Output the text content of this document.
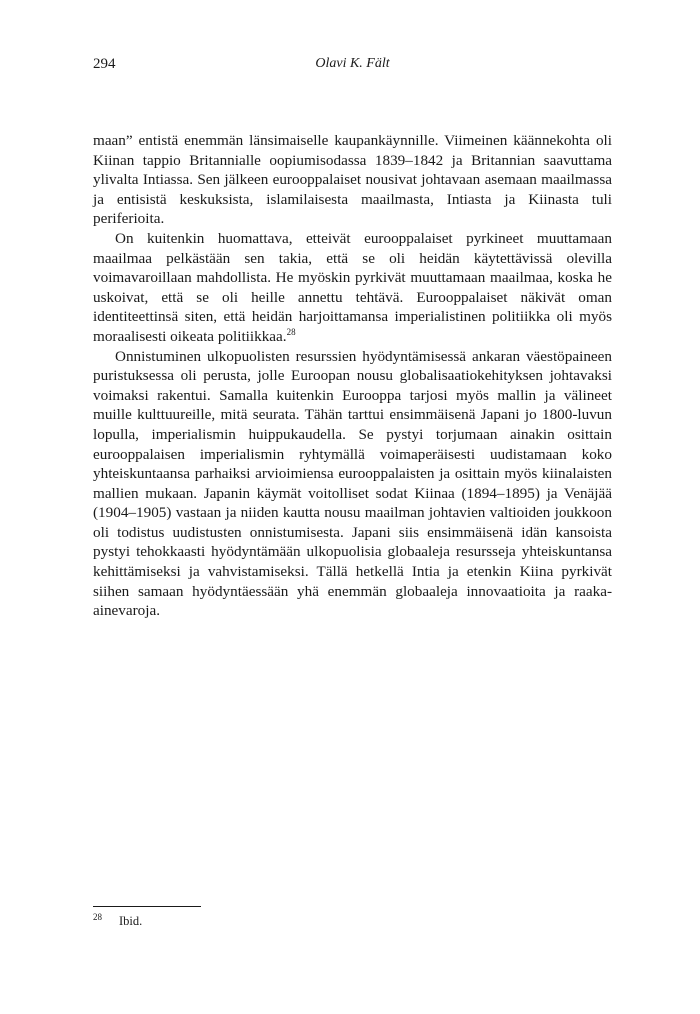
294	Olavi K. Fält

maan” entistä enemmän länsimaiselle kaupankäynnille. Viimeinen käännekohta oli Kiinan tappio Britannialle oopiumisodassa 1839–1842 ja Britannian saavuttama ylivalta Intiassa. Sen jälkeen eurooppalaiset nousivat johtavaan asemaan maailmassa ja entisistä keskuksista, islamilaisesta maailmasta, Intiasta ja Kiinasta tuli periferioita.

On kuitenkin huomattava, etteivät eurooppalaiset pyrkineet muuttamaan maailmaa pelkästään sen takia, että se oli heidän käytettävissä olevilla voimavaroillaan mahdollista. He myöskin pyrkivät muuttamaan maailmaa, koska he uskoivat, että se oli heille annettu tehtävä. Eurooppalaiset näkivät oman identiteettinsä siten, että heidän harjoittamansa imperialistinen politiikka oli myös moraalisesti oikeata politiikkaa.$^{28}$

Onnistuminen ulkopuolisten resurssien hyödyntämisessä ankaran väestöpaineen puristuksessa oli perusta, jolle Euroopan nousu globalisaatiokehityksen johtavaksi voimaksi rakentui. Samalla kuitenkin Eurooppa tarjosi myös mallin ja välineet muille kulttuureille, mitä seurata. Tähän tarttui ensimmäisenä Japani jo 1800-luvun lopulla, imperialismin huippukaudella. Se pystyi torjumaan ainakin osittain eurooppalaisen imperialismin ryhtymällä voimaperäisesti uudistamaan koko yhteiskuntaansa parhaiksi arvioimiensa eurooppalaisten ja osittain myös kiinalaisten mallien mukaan. Japanin käymät voitolliset sodat Kiinaa (1894–1895) ja Venäjää (1904–1905) vastaan ja niiden kautta nousu maailman johtavien valtioiden joukkoon oli todistus uudistusten onnistumisesta. Japani siis ensimmäisenä idän kansoista pystyi tehokkaasti hyödyntämään ulkopuolisia globaaleja resursseja yhteiskuntansa kehittämiseksi ja vahvistamiseksi. Tällä hetkellä Intia ja etenkin Kiina pyrkivät siihen samaan hyödyntäessään yhä enemmän globaaleja innovaatioita ja raaka-ainevaroja.

28 Ibid.
